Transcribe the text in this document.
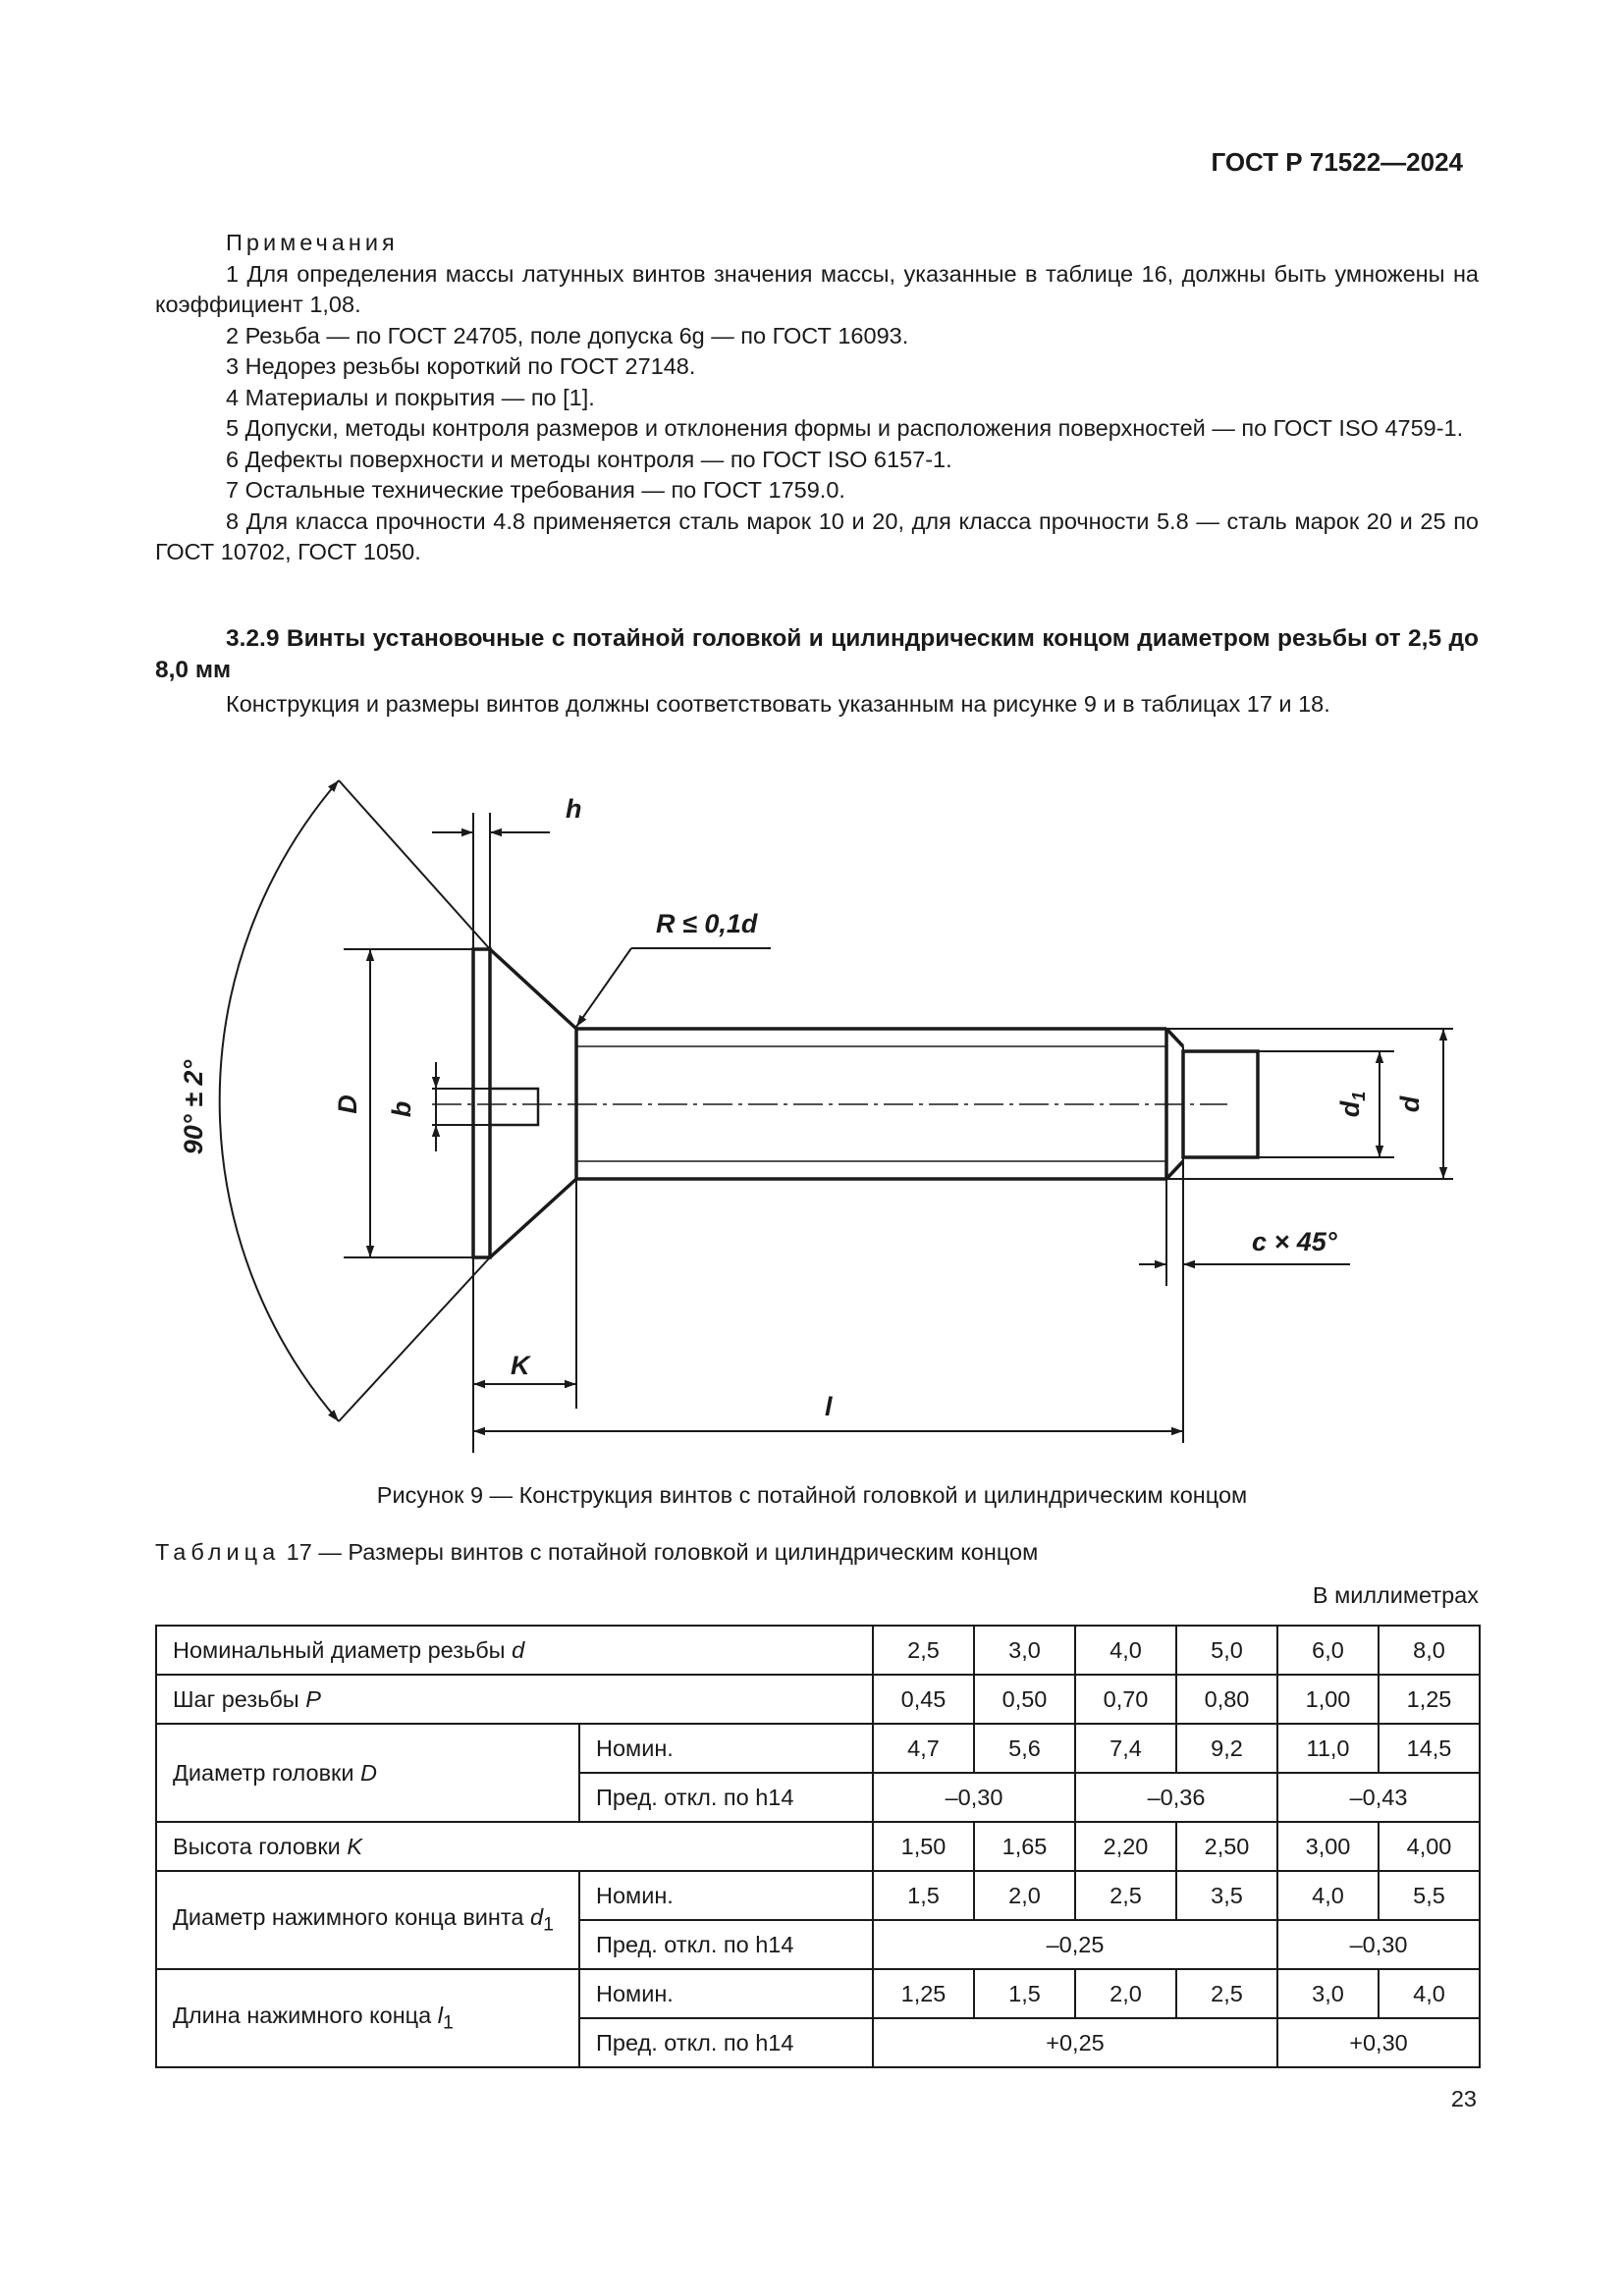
ГОСТ Р 71522—2024

Примечания

1 Для определения массы латунных винтов значения массы, указанные в таблице 16, должны быть умножены на коэффициент 1,08.

2 Резьба — по ГОСТ 24705, поле допуска 6g — по ГОСТ 16093.

3 Недорез резьбы короткий по ГОСТ 27148.

4 Материалы и покрытия — по [1].

5 Допуски, методы контроля размеров и отклонения формы и расположения поверхностей — по ГОСТ ISO 4759-1.

6 Дефекты поверхности и методы контроля — по ГОСТ ISO 6157-1.

7 Остальные технические требования — по ГОСТ 1759.0.

8 Для класса прочности 4.8 применяется сталь марок 10 и 20, для класса прочности 5.8 — сталь марок 20 и 25 по ГОСТ 10702, ГОСТ 1050.

3.2.9 Винты установочные с потайной головкой и цилиндрическим концом диаметром резьбы от 2,5 до 8,0 мм

Конструкция и размеры винтов должны соответствовать указанным на рисунке 9 и в таблицах 17 и 18.

h
R ≤ 0,1d
90° ± 2°	D b	$d_1$ d
c × 45°
K
l
Рисунок 9 — Конструкция винтов с потайной головкой и цилиндрическим концом
Таблица 17 — Размеры винтов с потайной головкой и цилиндрическим концом
В миллиметрах
Номинальный диаметр резьбы d		2,5	3,0	4,0	5,0	6,0	8,0
Шаг резьбы P		0,45	0,50	0,70	0,80	1,00	1,25
Диаметр головки D	Номин.	4,7	5,6	7,4	9,2	11,0	14,5
	Пред. откл. по h14	–0,30		–0,36		–0,43	
Высота головки K		1,50	1,65	2,20	2,50	3,00	4,00
Диаметр нажимного конца винта $d_1$	Номин.	1,5	2,0	2,5	3,5	4,0	5,5
	Пред. откл. по h14	–0,25				–0,30	
Длина нажимного конца $l_1$	Номин.	1,25	1,5	2,0	2,5	3,0	4,0
	Пред. откл. по h14	+0,25				+0,30	
23
